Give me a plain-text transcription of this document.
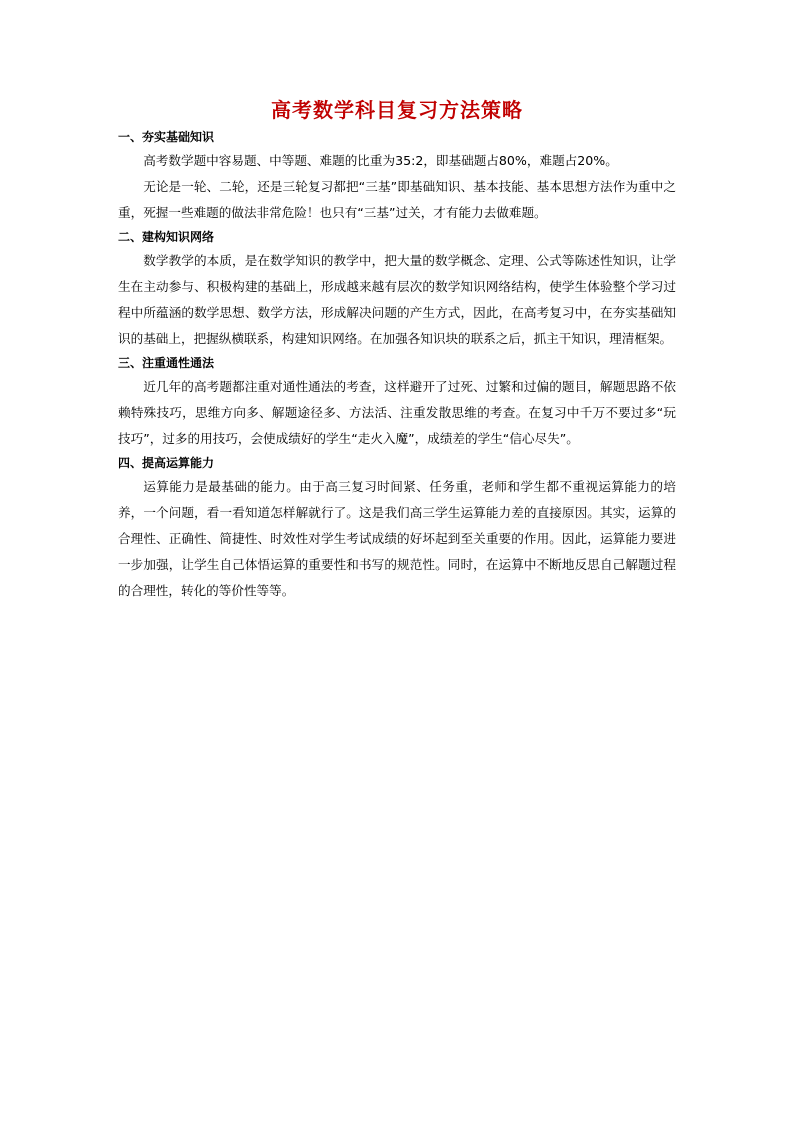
高考数学科目复习方法策略

一、夯实基础知识

高考数学题中容易题、中等题、难题的比重为35:2，即基础题占80%，难题占20%。

无论是一轮、二轮，还是三轮复习都把“三基”即基础知识、基本技能、基本思想方法作为重中之重，死握一些难题的做法非常危险！也只有“三基”过关，才有能力去做难题。

二、建构知识网络

数学教学的本质，是在数学知识的教学中，把大量的数学概念、定理、公式等陈述性知识，让学生在主动参与、积极构建的基础上，形成越来越有层次的数学知识网络结构，使学生体验整个学习过程中所蕴涵的数学思想、数学方法，形成解决问题的产生方式，因此，在高考复习中，在夯实基础知识的基础上，把握纵横联系，构建知识网络。在加强各知识块的联系之后，抓主干知识，理清框架。

三、注重通性通法

近几年的高考题都注重对通性通法的考查，这样避开了过死、过繁和过偏的题目，解题思路不依赖特殊技巧，思维方向多、解题途径多、方法活、注重发散思维的考查。在复习中千万不要过多“玩技巧”，过多的用技巧，会使成绩好的学生“走火入魔”，成绩差的学生“信心尽失”。

四、提高运算能力

运算能力是最基础的能力。由于高三复习时间紧、任务重，老师和学生都不重视运算能力的培养，一个问题，看一看知道怎样解就行了。这是我们高三学生运算能力差的直接原因。其实，运算的合理性、正确性、简捷性、时效性对学生考试成绩的好坏起到至关重要的作用。因此，运算能力要进一步加强，让学生自己体悟运算的重要性和书写的规范性。同时，在运算中不断地反思自己解题过程的合理性，转化的等价性等等。
